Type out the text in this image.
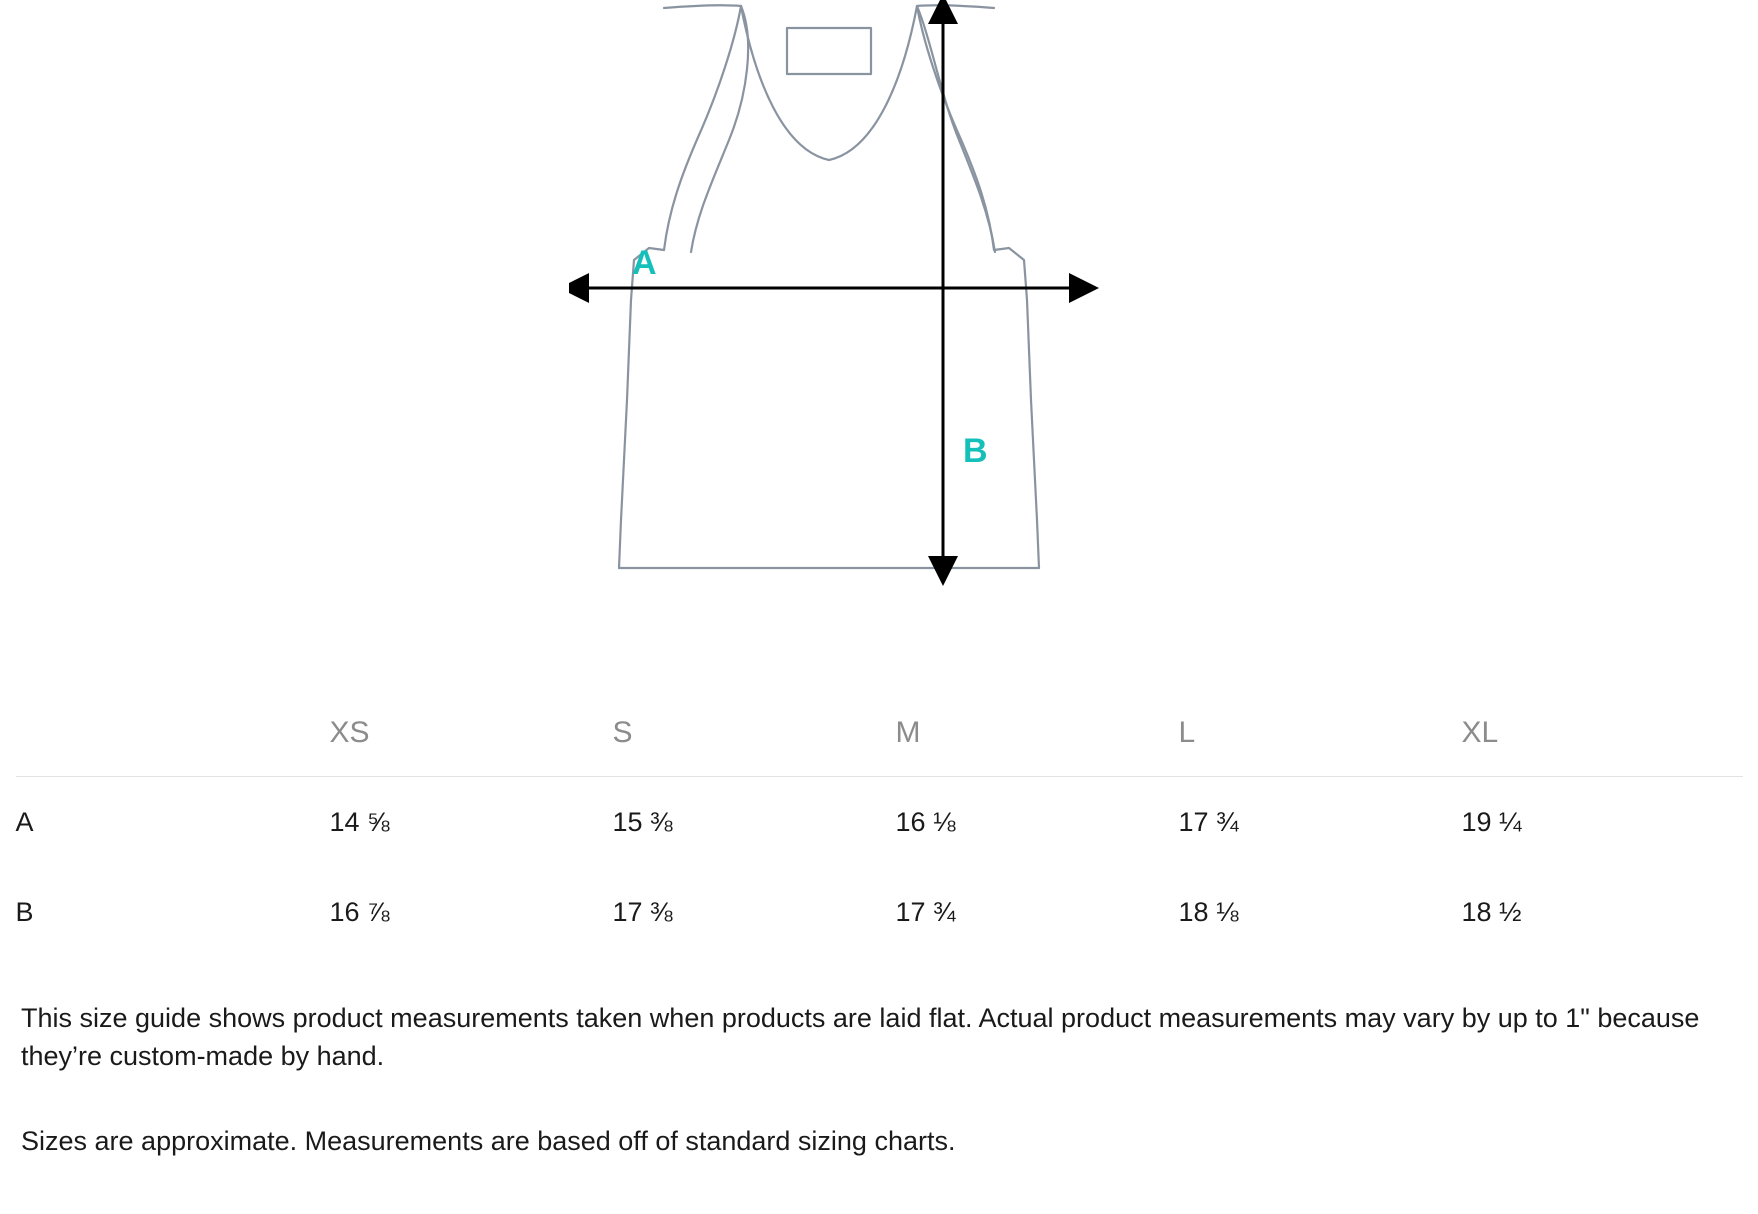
A
B
	XS	S	M	L	XL
A	14 ⅝	15 ⅜	16 ⅛	17 ¾	19 ¼
B	16 ⅞	17 ⅜	17 ¾	18 ⅛	18 ½

This size guide shows product measurements taken when products are laid flat. Actual product measurements may vary by up to 1" because they’re custom-made by hand.

Sizes are approximate. Measurements are based off of standard sizing charts.
